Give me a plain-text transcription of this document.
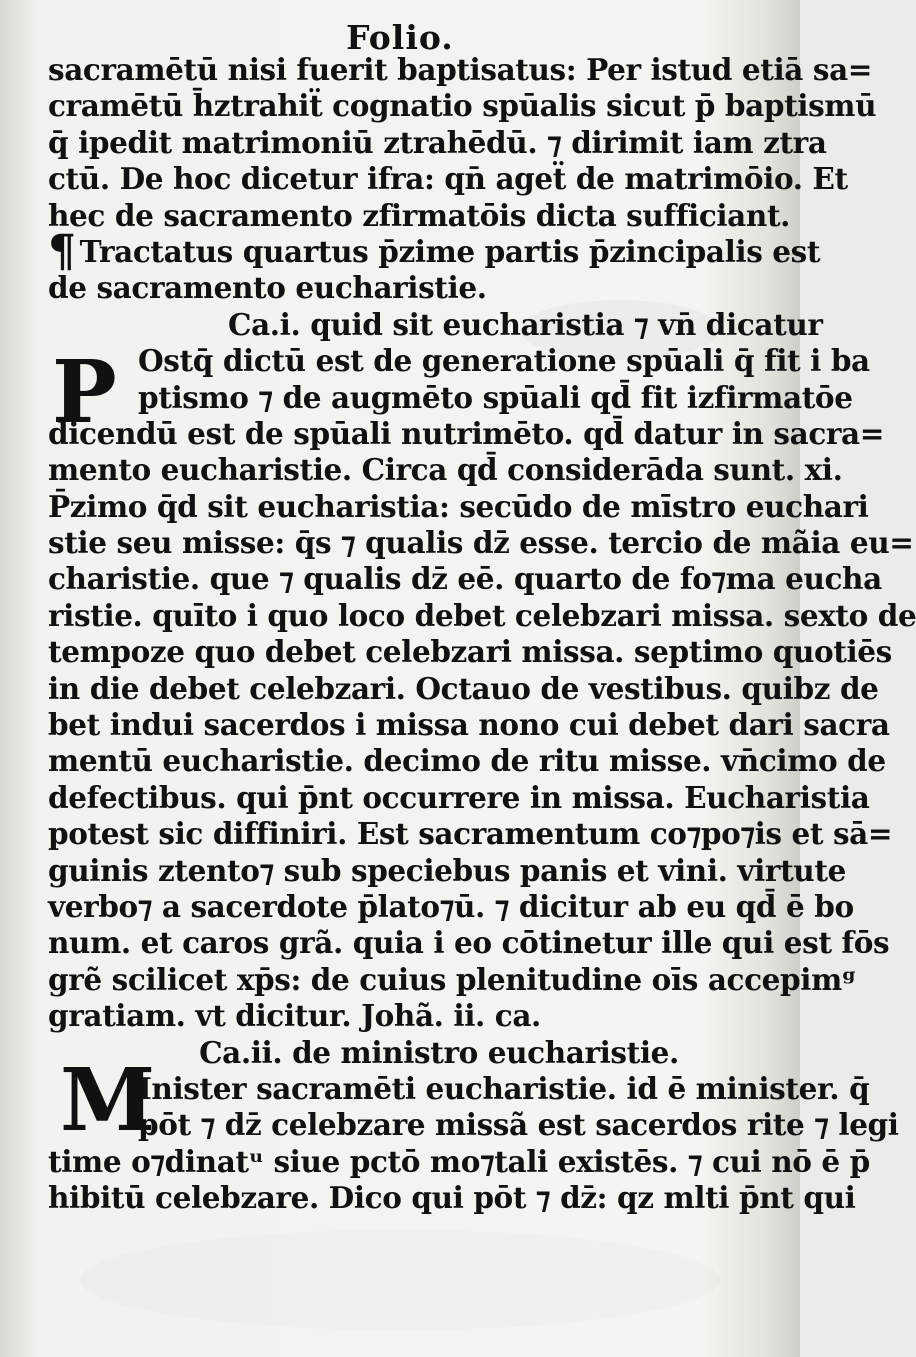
Folio.
P
M
sacramētū nisi fuerit baptisatus: Per istud etiā sa=
cramētū h̄ztrahiẗ cognatio spūalis sicut p̄ baptismū
q̄ ipedit matrimoniū ztrahēdū. ⁊ dirimit iam ztra
ctū. De hoc dicetur ifra: qn̄ ageẗ de matrimōio. Et
hec de sacramento zfirmatōis dicta sufficiant.
¶ Tractatus quartus p̄zime partis p̄zincipalis est
de sacramento eucharistie.
Ca.i. quid sit eucharistia ⁊ vn̄ dicatur
Ostq̄ dictū est de generatione spūali q̄ fit i ba
ptismo ⁊ de augmēto spūali qd̄ fit izfirmatōe
dicendū est de spūali nutrimēto. qd̄ datur in sacra=
mento eucharistie. Circa qd̄ considerāda sunt. xi.
P̄zimo q̄d sit eucharistia: secūdo de mīstro euchari
stie seu misse: q̄s ⁊ qualis dz̄ esse. tercio de mãia eu=
charistie. que ⁊ qualis dz̄ eē. quarto de fo⁊ma eucha
ristie. quīto i quo loco debet celebzari missa. sexto de
tempoze quo debet celebzari missa. septimo quotiēs
in die debet celebzari. Octauo de vestibus. quibz de
bet indui sacerdos i missa nono cui debet dari sacra
mentū eucharistie. decimo de ritu misse. vn̄cimo de
defectibus. qui p̄nt occurrere in missa. Eucharistia
potest sic diffiniri. Est sacramentum co⁊po⁊is et sā=
guinis ztento⁊ sub speciebus panis et vini. virtute
verbo⁊ a sacerdote p̄lato⁊ū. ⁊ dicitur ab eu qd̄ ē bo
num. et caros grã. quia i eo cōtinetur ille qui est fōs
grẽ scilicet xp̄s: de cuius plenitudine oīs accepimᵍ
gratiam. vt dicitur. Johã. ii. ca.
Ca.ii. de ministro eucharistie.
Inister sacramēti eucharistie. id ē minister. q̄
pōt ⁊ dz̄ celebzare missã est sacerdos rite ⁊ legi
time o⁊dinatᵘ siue pctō mo⁊tali existēs. ⁊ cui nō ē p̄
hibitū celebzare. Dico qui pōt ⁊ dz̄: qz mlti p̄nt qui
